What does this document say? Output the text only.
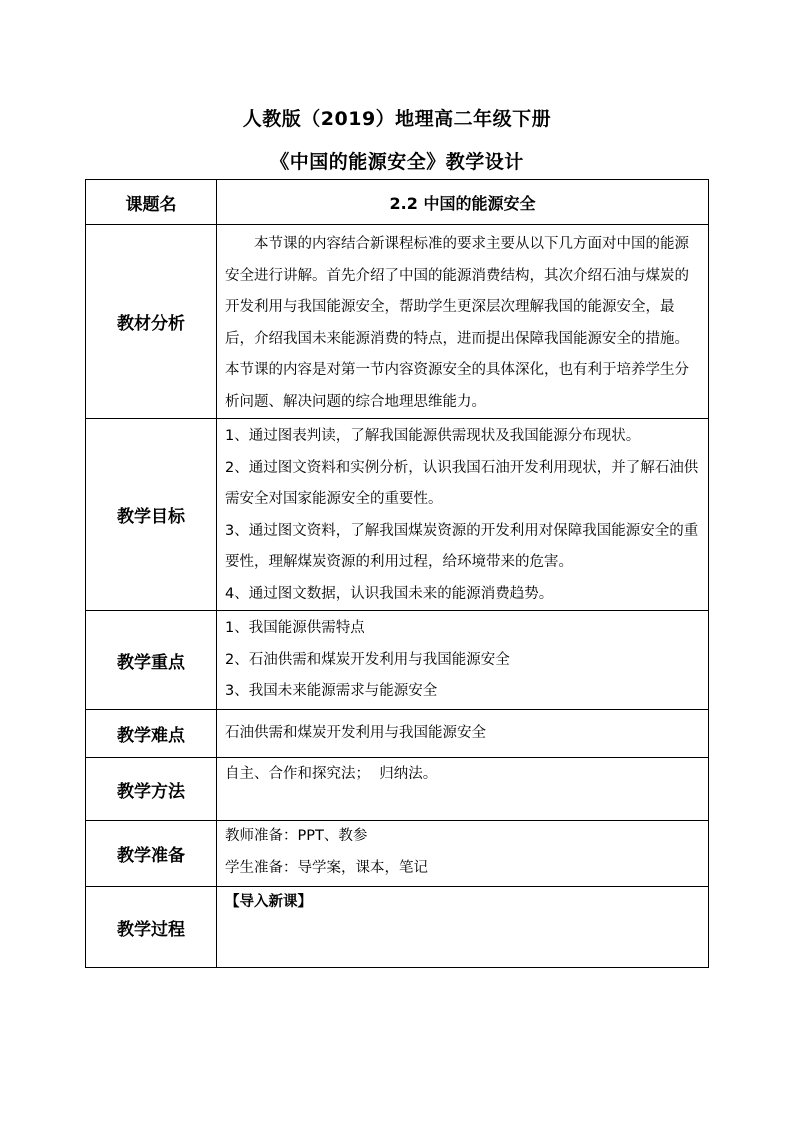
人教版（2019）地理高二年级下册
《中国的能源安全》教学设计
课题名	2.2 中国的能源安全
教材分析	本节课的内容结合新课程标准的要求主要从以下几方面对中国的能源安全进行讲解。首先介绍了中国的能源消费结构，其次介绍石油与煤炭的开发利用与我国能源安全，帮助学生更深层次理解我国的能源安全，最后，介绍我国未来能源消费的特点，进而提出保障我国能源安全的措施。本节课的内容是对第一节内容资源安全的具体深化，也有利于培养学生分析问题、解决问题的综合地理思维能力。

教学目标	1、通过图表判读，了解我国能源供需现状及我国能源分布现状。
2、通过图文资料和实例分析，认识我国石油开发利用现状，并了解石油供需安全对国家能源安全的重要性。
3、通过图文资料，了解我国煤炭资源的开发利用对保障我国能源安全的重要性，理解煤炭资源的利用过程，给环境带来的危害。
4、通过图文数据，认识我国未来的能源消费趋势。

教学重点	1、我国能源供需特点
2、石油供需和煤炭开发利用与我国能源安全
3、我国未来能源需求与能源安全

教学难点	石油供需和煤炭开发利用与我国能源安全
教学方法	自主、合作和探究法；  归纳法。
教学准备	教师准备：PPT、教参
学生准备：导学案，课本，笔记

教学过程	【导入新课】
